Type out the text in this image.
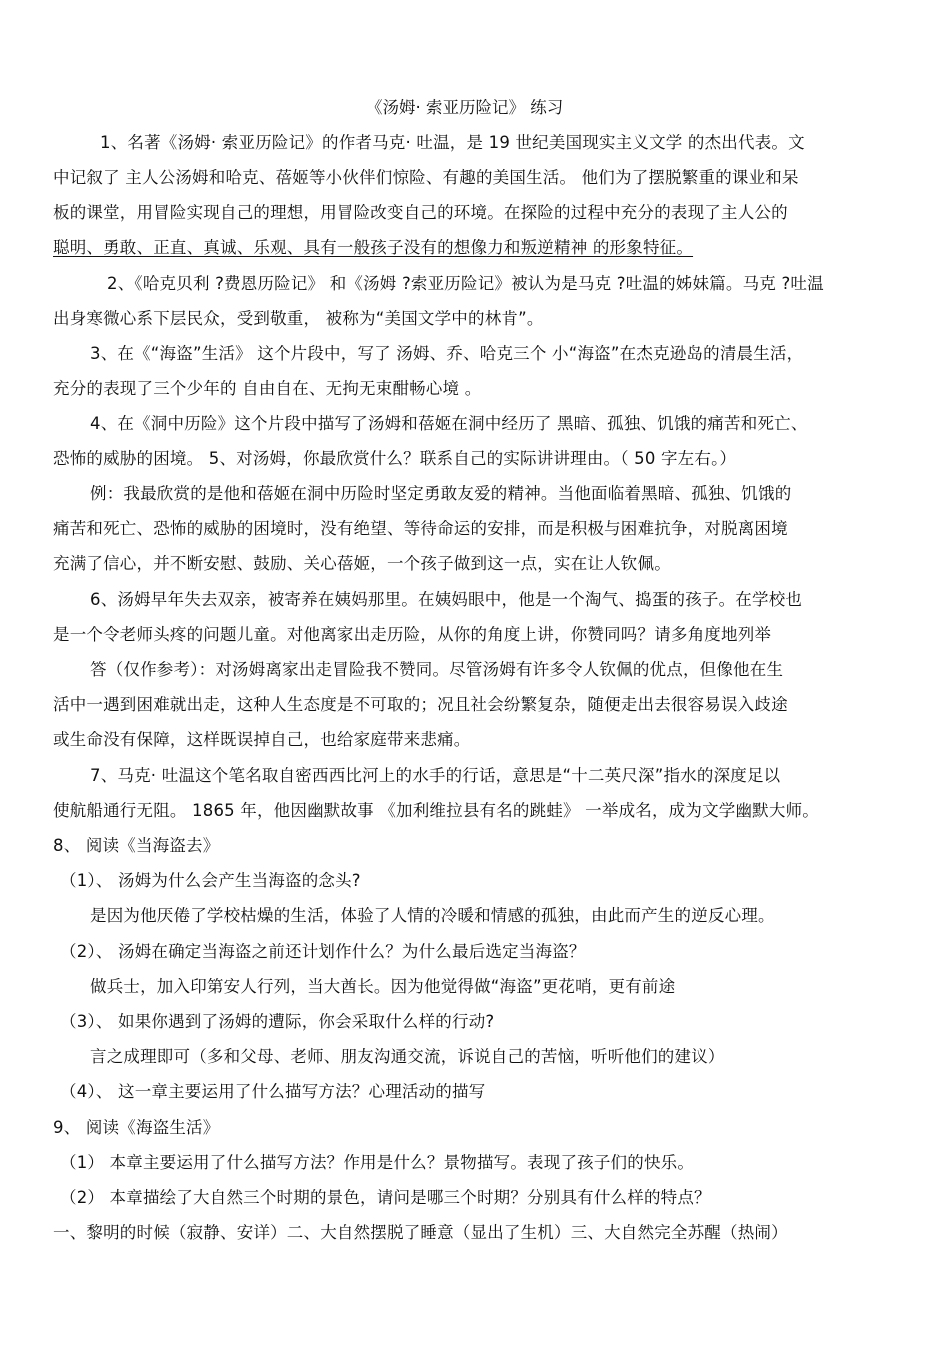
《汤姆· 索亚历险记》 练习
1、名著《汤姆· 索亚历险记》的作者马克· 吐温，是 19 世纪美国现实主义文学 的杰出代表。文
中记叙了 主人公汤姆和哈克、蓓姬等小伙伴们惊险、有趣的美国生活。 他们为了摆脱繁重的课业和呆
板的课堂，用冒险实现自己的理想，用冒险改变自己的环境。在探险的过程中充分的表现了主人公的
聪明、勇敢、正直、真诚、乐观、具有一般孩子没有的想像力和叛逆精神 的形象特征。
2、《哈克贝利 ?费恩历险记》 和《汤姆 ?索亚历险记》被认为是马克 ?吐温的姊妹篇。马克 ?吐温
出身寒微心系下层民众，受到敬重， 被称为“美国文学中的林肯”。
3、在《“海盗”生活》 这个片段中，写了 汤姆、乔、哈克三个 小“海盗”在杰克逊岛的清晨生活，
充分的表现了三个少年的 自由自在、无拘无束酣畅心境 。
4、在《洞中历险》这个片段中描写了汤姆和蓓姬在洞中经历了 黑暗、孤独、饥饿的痛苦和死亡、
恐怖的威胁的困境。 5、对汤姆，你最欣赏什么？联系自己的实际讲讲理由。（ 50 字左右。）
例：我最欣赏的是他和蓓姬在洞中历险时坚定勇敢友爱的精神。当他面临着黑暗、孤独、饥饿的
痛苦和死亡、恐怖的威胁的困境时，没有绝望、等待命运的安排，而是积极与困难抗争，对脱离困境
充满了信心，并不断安慰、鼓励、关心蓓姬，一个孩子做到这一点，实在让人钦佩。
6、汤姆早年失去双亲，被寄养在姨妈那里。在姨妈眼中，他是一个淘气、捣蛋的孩子。在学校也
是一个令老师头疼的问题儿童。对他离家出走历险，从你的角度上讲，你赞同吗？请多角度地列举
答（仅作参考）：对汤姆离家出走冒险我不赞同。尽管汤姆有许多令人钦佩的优点，但像他在生
活中一遇到困难就出走，这种人生态度是不可取的；况且社会纷繁复杂，随便走出去很容易误入歧途
或生命没有保障，这样既误掉自己，也给家庭带来悲痛。
7、马克· 吐温这个笔名取自密西西比河上的水手的行话，意思是“十二英尺深”指水的深度足以
使航船通行无阻。 1865 年，他因幽默故事 《加利维拉县有名的跳蛙》 一举成名，成为文学幽默大师。
8、 阅读《当海盗去》
（1）、 汤姆为什么会产生当海盗的念头?
是因为他厌倦了学校枯燥的生活，体验了人情的冷暖和情感的孤独，由此而产生的逆反心理。
（2）、 汤姆在确定当海盗之前还计划作什么？为什么最后选定当海盗？
做兵士，加入印第安人行列，当大酋长。因为他觉得做“海盗”更花哨，更有前途
（3）、 如果你遇到了汤姆的遭际，你会采取什么样的行动?
言之成理即可（多和父母、老师、朋友沟通交流，诉说自己的苦恼，听听他们的建议）
（4）、 这一章主要运用了什么描写方法？心理活动的描写
9、 阅读《海盗生活》
（1） 本章主要运用了什么描写方法？作用是什么？景物描写。表现了孩子们的快乐。
（2） 本章描绘了大自然三个时期的景色，请问是哪三个时期？分别具有什么样的特点？
一、黎明的时候（寂静、安详）二、大自然摆脱了睡意（显出了生机）三、大自然完全苏醒（热闹）
